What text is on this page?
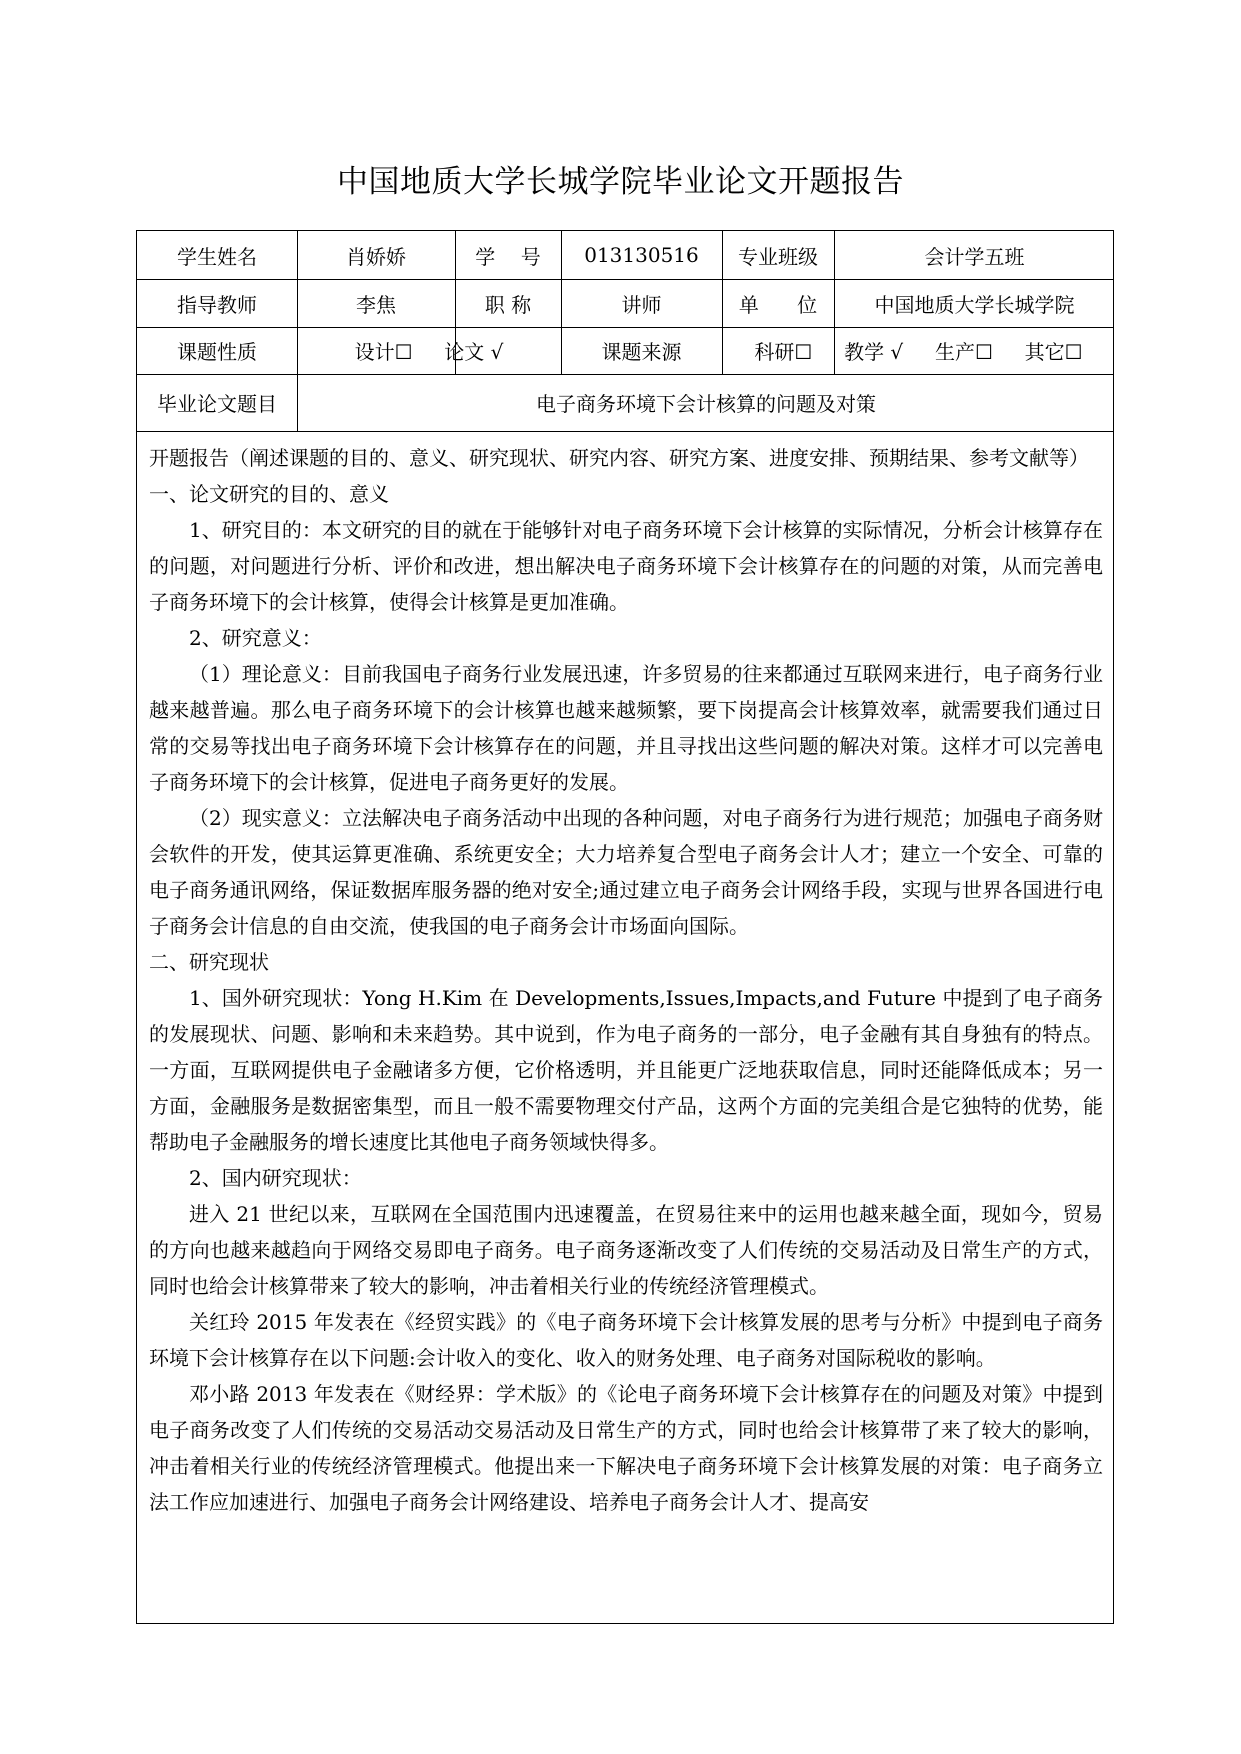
中国地质大学长城学院毕业论文开题报告
学生姓名	肖娇娇	学    号	013130516	专业班级	会计学五班
指导教师	李焦	职 称	讲师	单      位	中国地质大学长城学院
课题性质	设计☐     论文 √	课题来源	科研☐     教学 √     生产☐     其它☐
毕业论文题目	电子商务环境下会计核算的问题及对策

开题报告（阐述课题的目的、意义、研究现状、研究内容、研究方案、进度安排、预期结果、参考文献等）

一、论文研究的目的、意义

1、研究目的：本文研究的目的就在于能够针对电子商务环境下会计核算的实际情况，分析会计核算存在的问题，对问题进行分析、评价和改进，想出解决电子商务环境下会计核算存在的问题的对策，从而完善电子商务环境下的会计核算，使得会计核算是更加准确。

2、研究意义：

（1）理论意义：目前我国电子商务行业发展迅速，许多贸易的往来都通过互联网来进行，电子商务行业越来越普遍。那么电子商务环境下的会计核算也越来越频繁，要下岗提高会计核算效率，就需要我们通过日常的交易等找出电子商务环境下会计核算存在的问题，并且寻找出这些问题的解决对策。这样才可以完善电子商务环境下的会计核算，促进电子商务更好的发展。

（2）现实意义：立法解决电子商务活动中出现的各种问题，对电子商务行为进行规范；加强电子商务财会软件的开发，使其运算更准确、系统更安全；大力培养复合型电子商务会计人才；建立一个安全、可靠的电子商务通讯网络，保证数据库服务器的绝对安全;通过建立电子商务会计网络手段，实现与世界各国进行电子商务会计信息的自由交流，使我国的电子商务会计市场面向国际。

二、研究现状

1、国外研究现状：Yong H.Kim 在 Developments,Issues,Impacts,and Future 中提到了电子商务的发展现状、问题、影响和未来趋势。其中说到，作为电子商务的一部分，电子金融有其自身独有的特点。一方面，互联网提供电子金融诸多方便，它价格透明，并且能更广泛地获取信息，同时还能降低成本；另一方面，金融服务是数据密集型，而且一般不需要物理交付产品，这两个方面的完美组合是它独特的优势，能帮助电子金融服务的增长速度比其他电子商务领域快得多。

2、国内研究现状：

进入 21 世纪以来，互联网在全国范围内迅速覆盖，在贸易往来中的运用也越来越全面，现如今，贸易的方向也越来越趋向于网络交易即电子商务。电子商务逐渐改变了人们传统的交易活动及日常生产的方式，同时也给会计核算带来了较大的影响，冲击着相关行业的传统经济管理模式。

关红玲 2015 年发表在《经贸实践》的《电子商务环境下会计核算发展的思考与分析》中提到电子商务环境下会计核算存在以下问题:会计收入的变化、收入的财务处理、电子商务对国际税收的影响。

邓小路 2013 年发表在《财经界：学术版》的《论电子商务环境下会计核算存在的问题及对策》中提到电子商务改变了人们传统的交易活动交易活动及日常生产的方式，同时也给会计核算带了来了较大的影响，冲击着相关行业的传统经济管理模式。他提出来一下解决电子商务环境下会计核算发展的对策：电子商务立法工作应加速进行、加强电子商务会计网络建设、培养电子商务会计人才、提高安
